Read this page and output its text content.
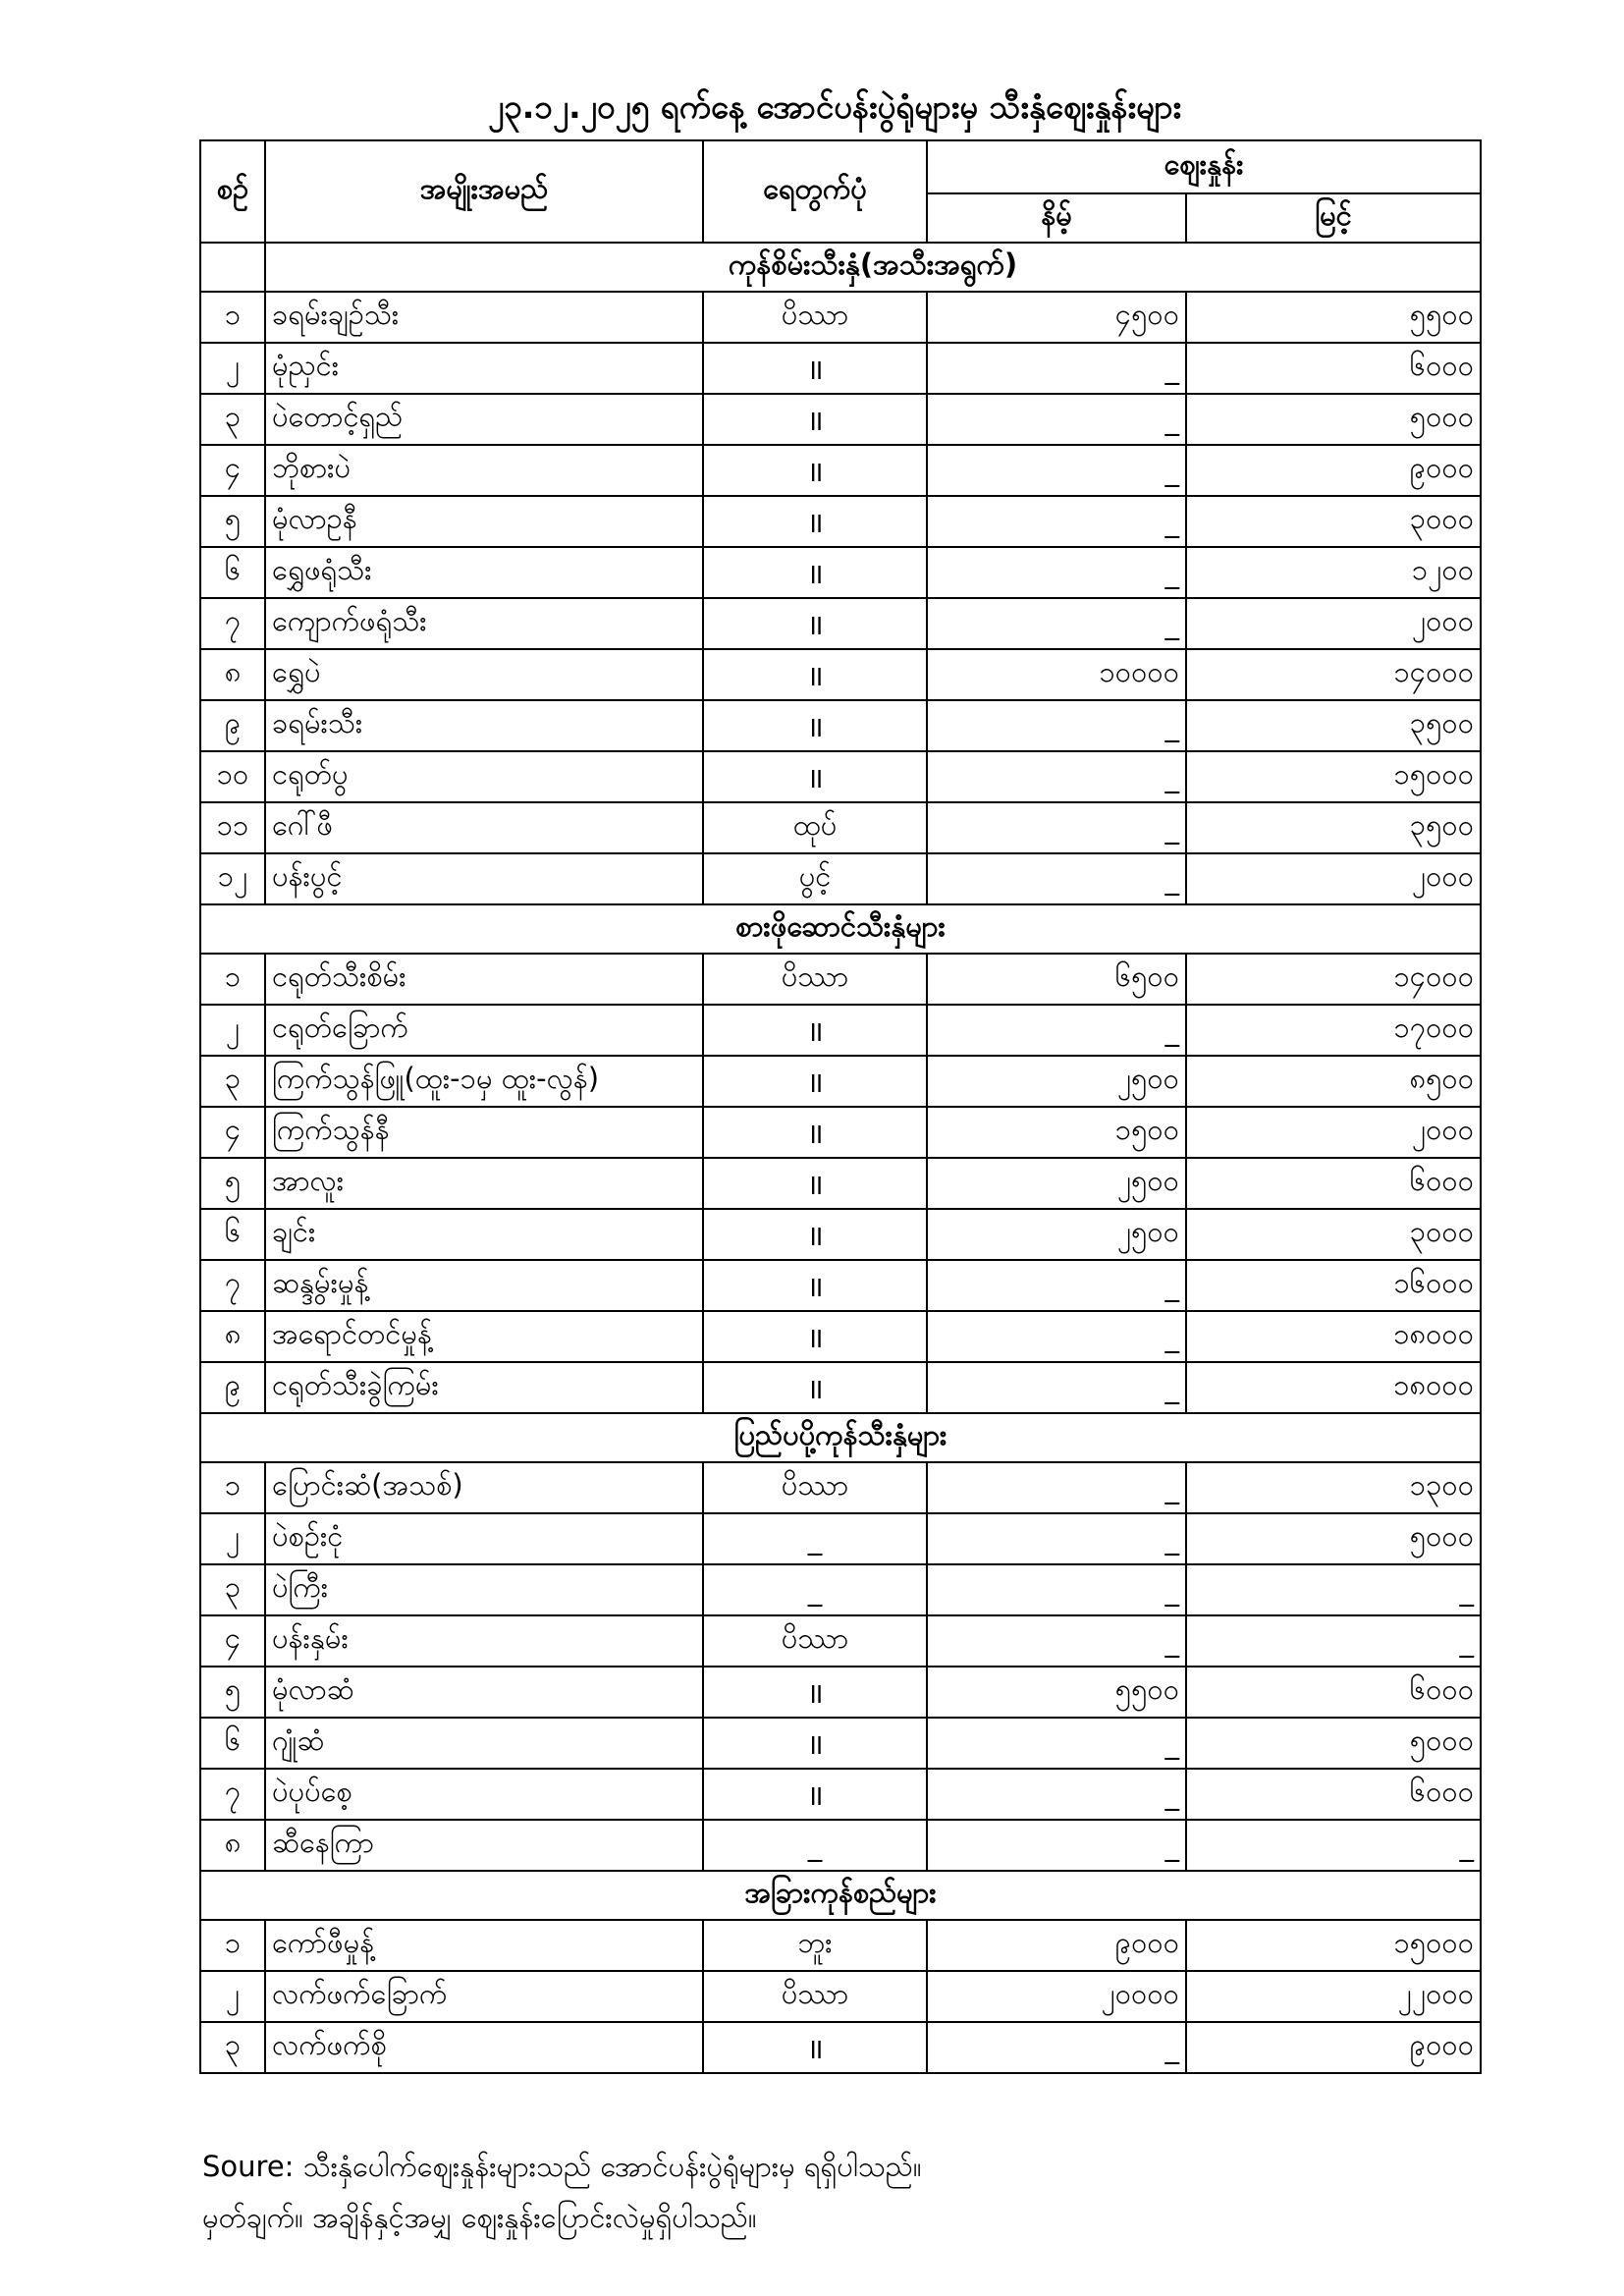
၂၃.၁၂.၂၀၂၅ ရက်နေ့ အောင်ပန်းပွဲရုံများမှ သီးနှံဈေးနှုန်းများ
စဉ်	အမျိုးအမည်	ရေတွက်ပုံ	ဈေးနှုန်း	
			နိမ့်	မြင့်
	ကုန်စိမ်းသီးနှံ(အသီးအရွက်)			
၁	ခရမ်းချဉ်သီး	ပိဿာ	၄၅၀၀	၅၅၀၀
၂	မုံညှင်း	॥	_	၆၀၀၀
၃	ပဲတောင့်ရှည်	॥	_	၅၀၀၀
၄	ဘိုစားပဲ	॥	_	၉၀၀၀
၅	မုံလာဥနီ	॥	_	၃၀၀၀
၆	ရွှေဖရုံသီး	॥	_	၁၂၀၀
၇	ကျောက်ဖရုံသီး	॥	_	၂၀၀၀
၈	ရွှေပဲ	॥	၁၀၀၀၀	၁၄၀၀၀
၉	ခရမ်းသီး	॥	_	၃၅၀၀
၁၀	ငရုတ်ပွ	॥	_	၁၅၀၀၀
၁၁	ဂေါ်ဖီ	ထုပ်	_	၃၅၀၀
၁၂	ပန်းပွင့်	ပွင့်	_	၂၀၀၀
စားဖိုဆောင်သီးနှံများ				
၁	ငရုတ်သီးစိမ်း	ပိဿာ	၆၅၀၀	၁၄၀၀၀
၂	ငရုတ်ခြောက်	॥	_	၁၇၀၀၀
၃	ကြက်သွန်ဖြူ(ထူး-၁မှ ထူး-လွန်)	॥	၂၅၀၀	၈၅၀၀
၄	ကြက်သွန်နီ	॥	၁၅၀၀	၂၀၀၀
၅	အာလူး	॥	၂၅၀၀	၆၀၀၀
၆	ချင်း	॥	၂၅၀၀	၃၀၀၀
၇	ဆန္ဒွမ်းမှုန့်	॥	_	၁၆၀၀၀
၈	အရောင်တင်မှုန့်	॥	_	၁၈၀၀၀
၉	ငရုတ်သီးခွဲကြမ်း	॥	_	၁၈၀၀၀
ပြည်ပပို့ကုန်သီးနှံများ				
၁	ပြောင်းဆံ(အသစ်)	ပိဿာ	_	၁၃၀၀
၂	ပဲစဉ်းငုံ	_	_	၅၀၀၀
၃	ပဲကြီး	_	_	_
၄	ပန်းနှမ်း	ပိဿာ	_	_
၅	မုံလာဆံ	॥	၅၅၀၀	၆၀၀၀
၆	ဂျုံဆံ	॥	_	၅၀၀၀
၇	ပဲပုပ်စေ့	॥	_	၆၀၀၀
၈	ဆီနေကြာ	_	_	_
အခြားကုန်စည်များ				
၁	ကော်ဖီမှုန့်	ဘူး	၉၀၀၀	၁၅၀၀၀
၂	လက်ဖက်ခြောက်	ပိဿာ	၂၀၀၀၀	၂၂၀၀၀
၃	လက်ဖက်စို	॥	_	၉၀၀၀
Soure: သီးနှံပေါက်ဈေးနှုန်းများသည် အောင်ပန်းပွဲရုံများမှ ရရှိပါသည်။
မှတ်ချက်။ အချိန်နှင့်အမျှ ဈေးနှုန်းပြောင်းလဲမှုရှိပါသည်။
